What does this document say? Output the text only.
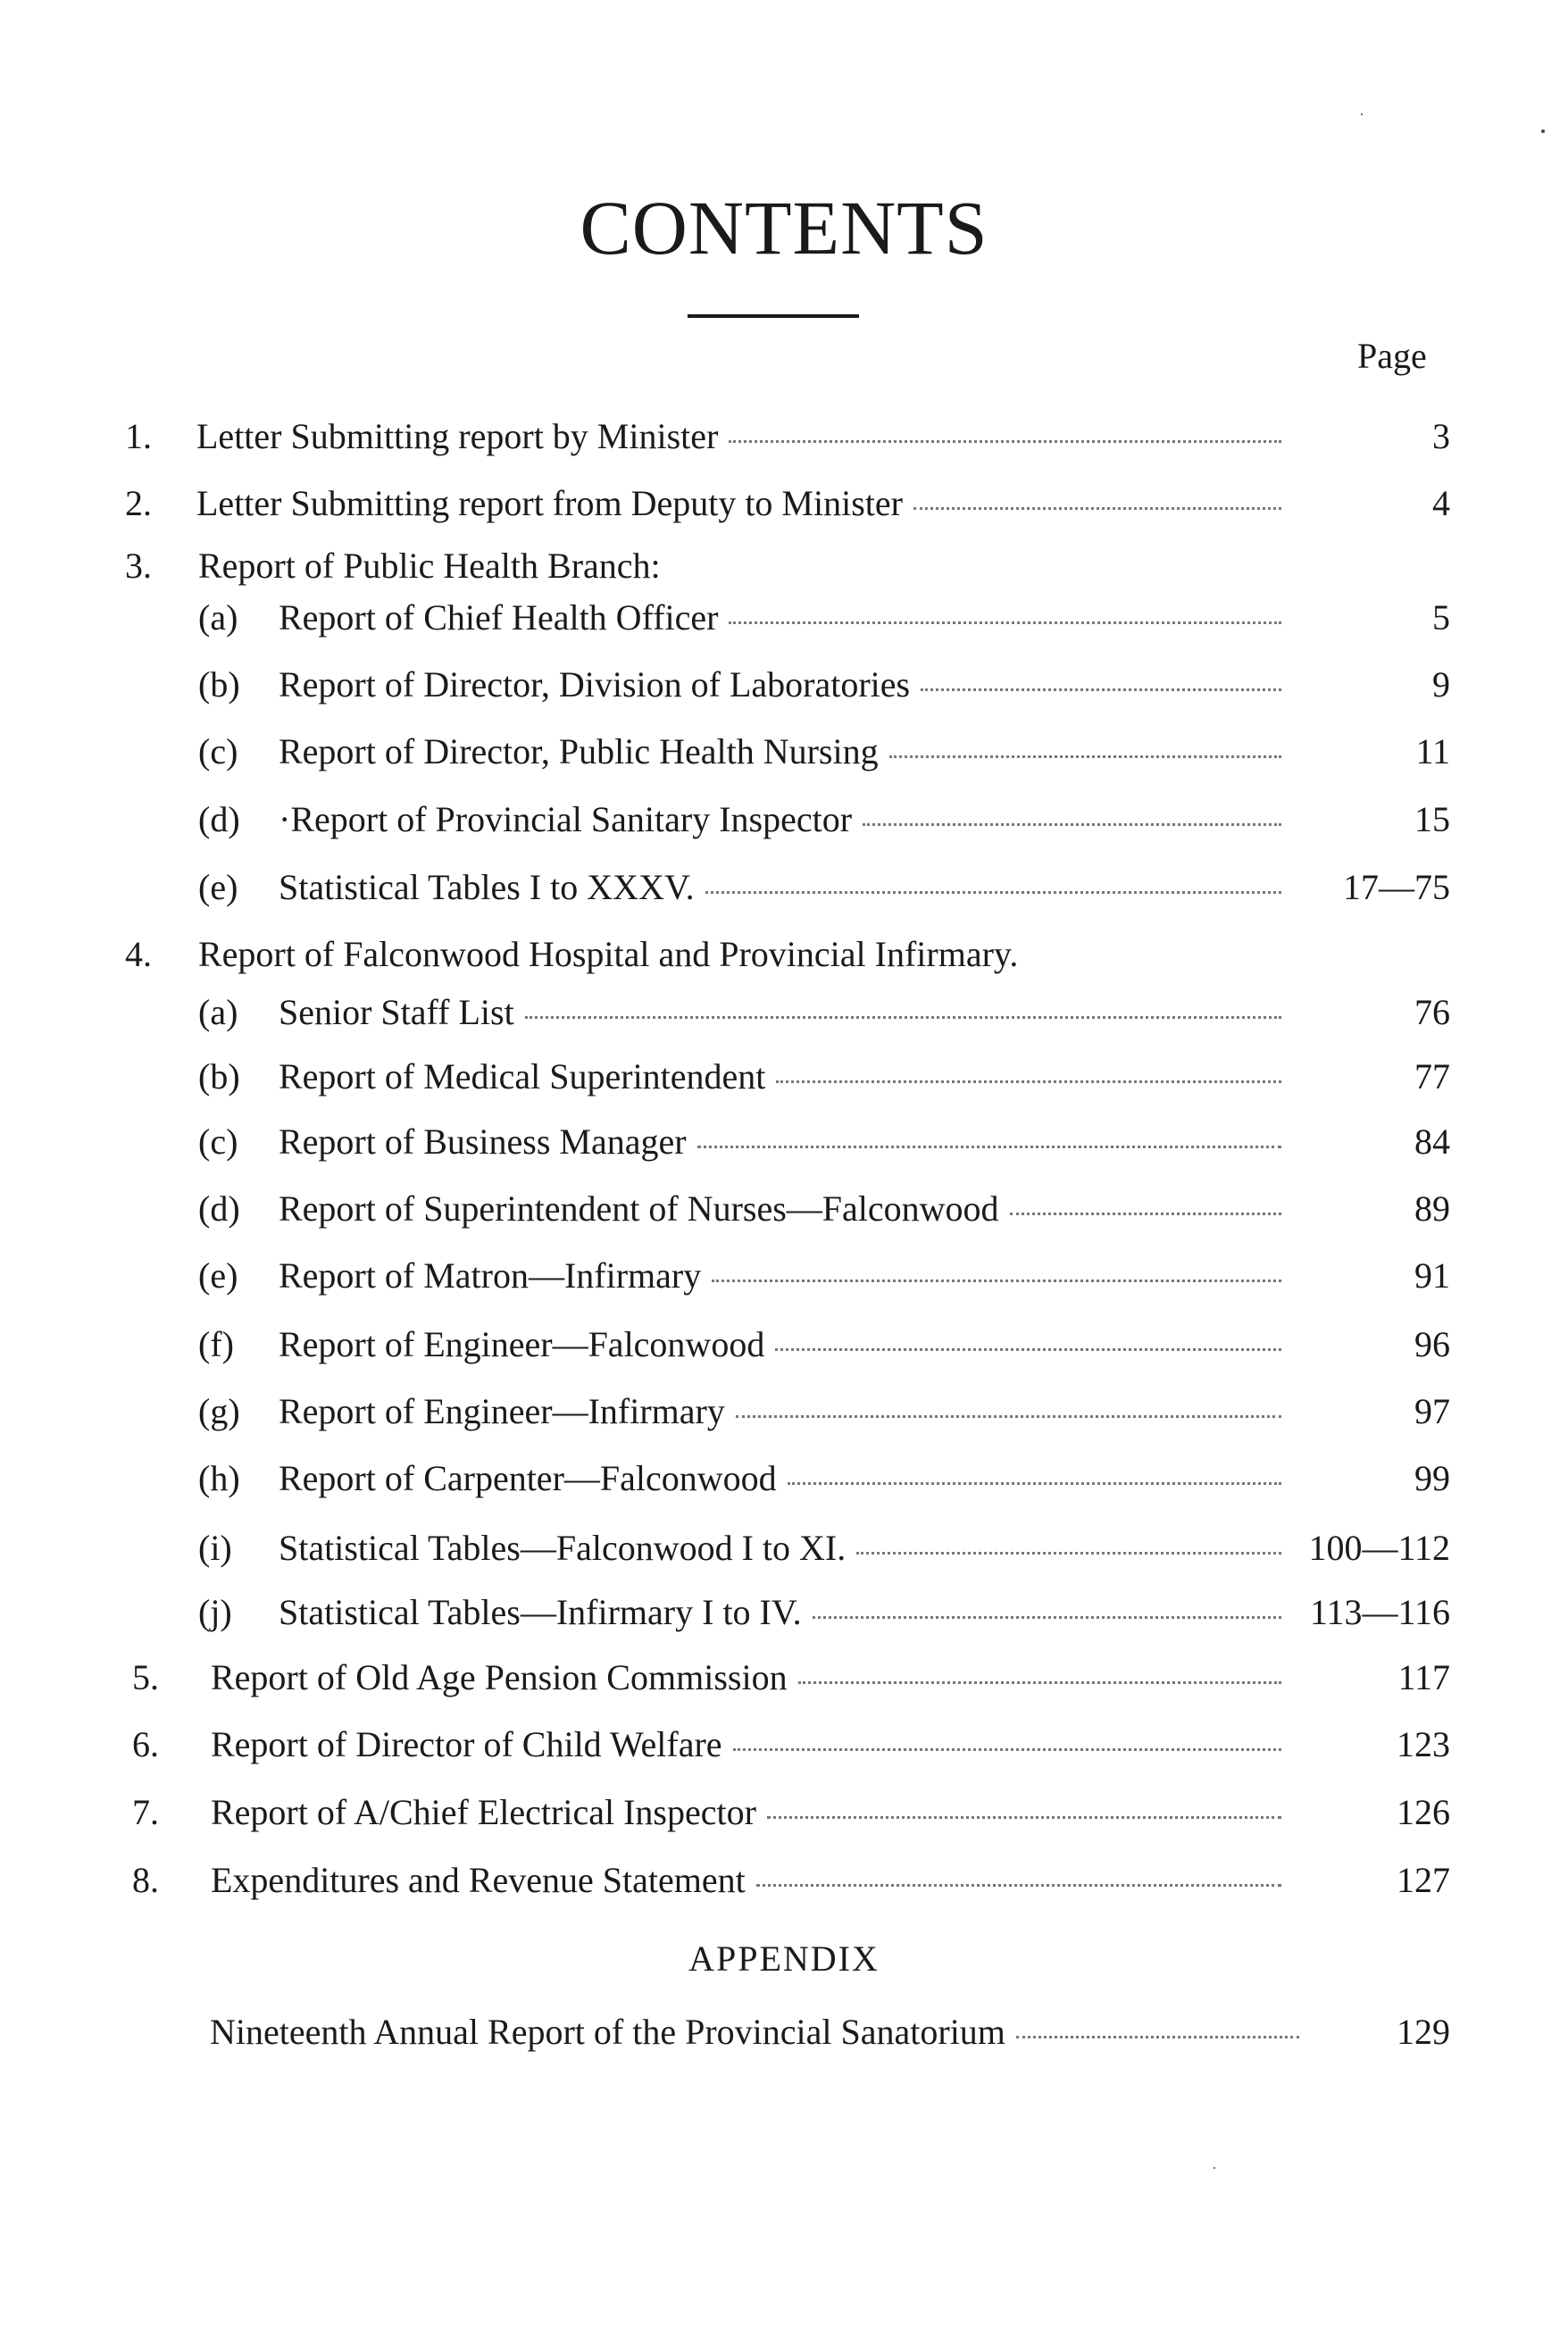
CONTENTS
Page
1. Letter Submitting report by Minister	3
2. Letter Submitting report from Deputy to Minister	4
3. Report of Public Health Branch:
(a) Report of Chief Health Officer	5
(b) Report of Director, Division of Laboratories	9
(c) Report of Director, Public Health Nursing	11
(d) ·Report of Provincial Sanitary Inspector	15
(e) Statistical Tables I to XXXV.	17—75
4. Report of Falconwood Hospital and Provincial Infirmary.
(a) Senior Staff List	76
(b) Report of Medical Superintendent	77
(c) Report of Business Manager	84
(d) Report of Superintendent of Nurses—Falconwood	89
(e) Report of Matron—Infirmary	91
(f) Report of Engineer—Falconwood	96
(g) Report of Engineer—Infirmary	97
(h) Report of Carpenter—Falconwood	99
(i) Statistical Tables—Falconwood I to XI.	100—112
(j) Statistical Tables—Infirmary I to IV.	113—116
5. Report of Old Age Pension Commission	117
6. Report of Director of Child Welfare	123
7. Report of A/Chief Electrical Inspector	126
8. Expenditures and Revenue Statement	127
APPENDIX
Nineteenth Annual Report of the Provincial Sanatorium	129
